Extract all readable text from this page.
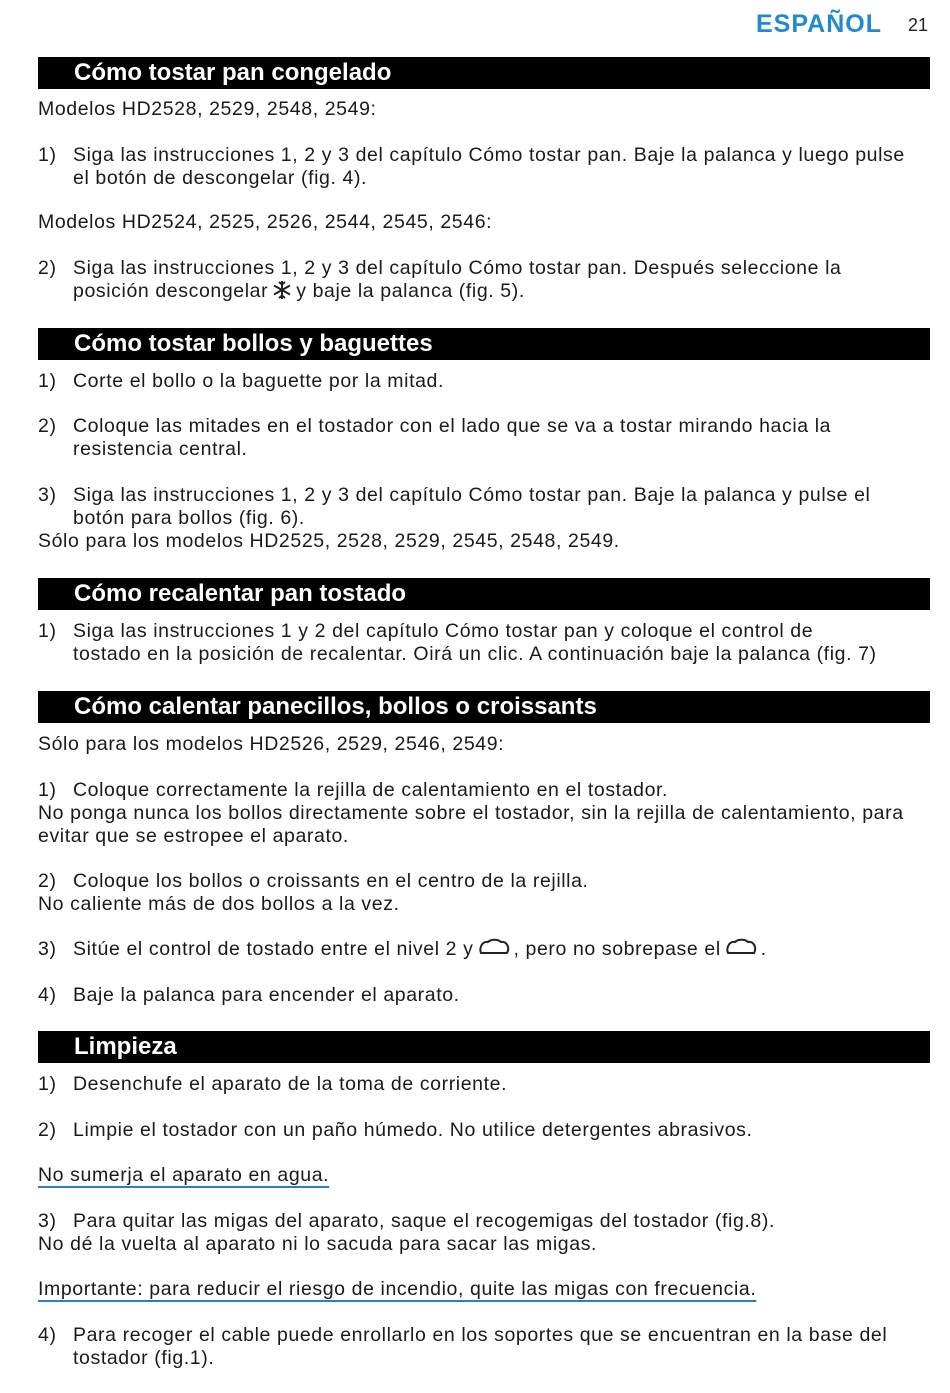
ESPAÑOL 21
Cómo tostar pan congelado
Modelos HD2528, 2529, 2548, 2549:
1) Siga las instrucciones 1, 2 y 3 del capítulo Cómo tostar pan. Baje la palanca y luego pulse
el botón de descongelar (fig. 4).
Modelos HD2524, 2525, 2526, 2544, 2545, 2546:
2) Siga las instrucciones 1, 2 y 3 del capítulo Cómo tostar pan. Después seleccione la
posición descongelar y baje la palanca (fig. 5).
Cómo tostar bollos y baguettes
1) Corte el bollo o la baguette por la mitad.
2) Coloque las mitades en el tostador con el lado que se va a tostar mirando hacia la
resistencia central.
3) Siga las instrucciones 1, 2 y 3 del capítulo Cómo tostar pan. Baje la palanca y pulse el
botón para bollos (fig. 6).
Sólo para los modelos HD2525, 2528, 2529, 2545, 2548, 2549.
Cómo recalentar pan tostado
1) Siga las instrucciones 1 y 2 del capítulo Cómo tostar pan y coloque el control de
tostado en la posición de recalentar. Oirá un clic. A continuación baje la palanca (fig. 7)
Cómo calentar panecillos, bollos o croissants
Sólo para los modelos HD2526, 2529, 2546, 2549:
1) Coloque correctamente la rejilla de calentamiento en el tostador.
No ponga nunca los bollos directamente sobre el tostador, sin la rejilla de calentamiento, para
evitar que se estropee el aparato.
2) Coloque los bollos o croissants en el centro de la rejilla.
No caliente más de dos bollos a la vez.
3) Sitúe el control de tostado entre el nivel 2 y , pero no sobrepase el .
4) Baje la palanca para encender el aparato.
Limpieza
1) Desenchufe el aparato de la toma de corriente.
2) Limpie el tostador con un paño húmedo. No utilice detergentes abrasivos.
No sumerja el aparato en agua.
3) Para quitar las migas del aparato, saque el recogemigas del tostador (fig.8).
No dé la vuelta al aparato ni lo sacuda para sacar las migas.
Importante: para reducir el riesgo de incendio, quite las migas con frecuencia.
4) Para recoger el cable puede enrollarlo en los soportes que se encuentran en la base del
tostador (fig.1).
